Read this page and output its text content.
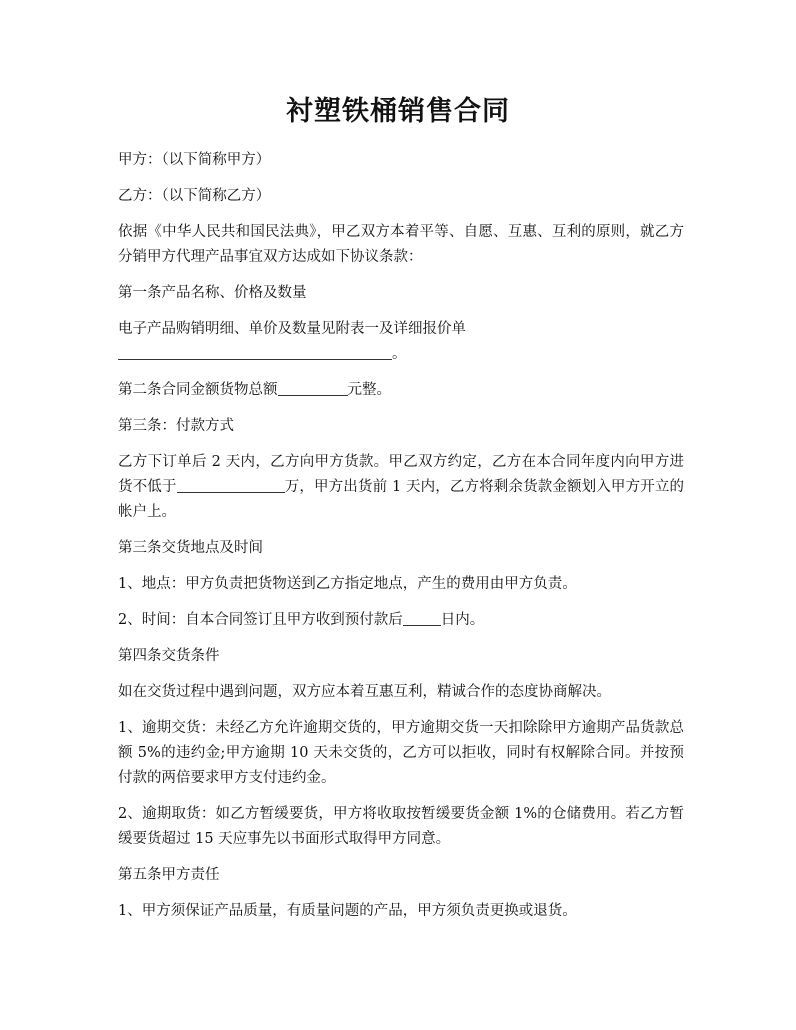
衬塑铁桶销售合同

甲方：（以下简称甲方）

乙方：（以下简称乙方）

依据《中华人民共和国民法典》，甲乙双方本着平等、自愿、互惠、互利的原则，就乙方分销甲方代理产品事宜双方达成如下协议条款：

第一条产品名称、价格及数量

电子产品购销明细、单价及数量见附表一及详细报价单
。

第二条合同金额货物总额	元整。

第三条：付款方式

乙方下订单后 2 天内，乙方向甲方货款。甲乙双方约定，乙方在本合同年度内向甲方进货不低于	万，甲方出货前 1 天内，乙方将剩余货款金额划入甲方开立的帐户上。

第三条交货地点及时间

1、地点：甲方负责把货物送到乙方指定地点，产生的费用由甲方负责。

2、时间：自本合同签订且甲方收到预付款后	日内。

第四条交货条件

如在交货过程中遇到问题，双方应本着互惠互利，精诚合作的态度协商解决。

1、逾期交货：未经乙方允许逾期交货的，甲方逾期交货一天扣除除甲方逾期产品货款总额 5%的违约金;甲方逾期 10 天未交货的，乙方可以拒收，同时有权解除合同。并按预付款的两倍要求甲方支付违约金。

2、逾期取货：如乙方暂缓要货，甲方将收取按暂缓要货金额 1%的仓储费用。若乙方暂缓要货超过 15 天应事先以书面形式取得甲方同意。

第五条甲方责任

1、甲方须保证产品质量，有质量问题的产品，甲方须负责更换或退货。
